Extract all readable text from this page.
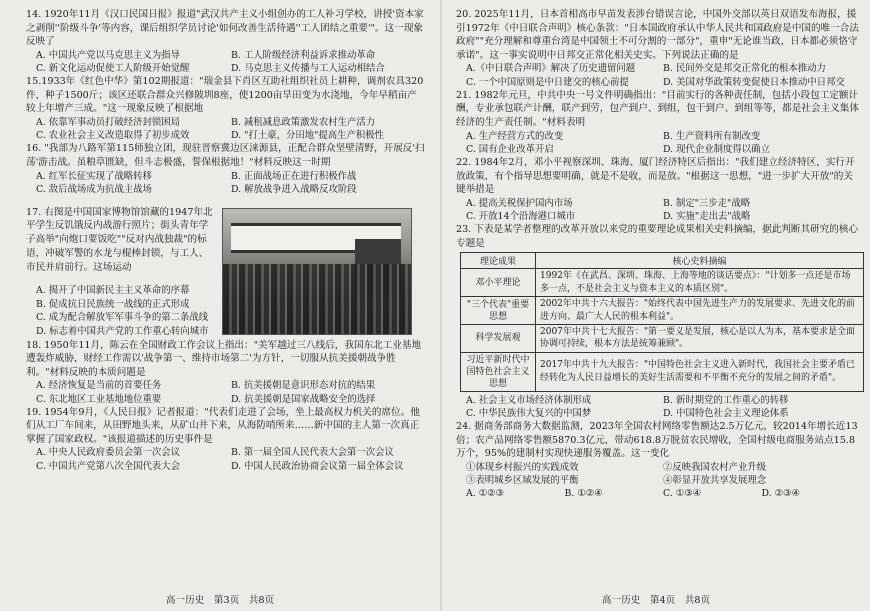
14. 1920年11月《汉口民国日报》报道"武汉共产主义小组创办的工人补习学校，讲授'资本家之剥削''阶级斗争'等内容，课后组织学员讨论'如何改善生活待遇''工人团结之重要'"。这一现象反映了

A. 中国共产党以马克思主义为指导	B. 工人阶级经济利益诉求推动革命
C. 新文化运动促使工人阶级开始觉醒	D. 马克思主义传播与工人运动相结合

15.1933年《红色中华》第102期报道："瑞金县下肖区互助社组织社员上耕种，调剂农具320件，种子1500斤；该区还联合群众兴修陂圳8座，使1200亩旱田变为水浇地，今年早稻亩产较上年增产三成。"这一现象反映了根据地

A. 依靠军事动员打破经济封锁困局	B. 减租减息政策激发农村生产活力
C. 农业社会主义改造取得了初步成效	D. "打土豪，分田地"提高生产积极性

16. "我部为八路军第115师独立团，现驻晋察冀边区涞源县，正配合群众坚壁清野，开展反'扫荡'游击战。虽粮草匮缺，但斗志极盛，誓保根据地！"材料反映这一时期

A. 红军长征实现了战略转移	B. 正面战场正在进行积极作战
C. 敌后战场成为抗战主战场	D. 解放战争进入战略反攻阶段

17. 右图是中国国家博物馆馆藏的1947年北平学生反饥饿反内战游行照片；街头青年学子高举"向炮口要饭吃""反对内战独裁"的标语，冲破军警的水龙与棍棒封锁，与工人、市民并肩前行。这场运动

A. 揭开了中国新民主主义革命的序幕
B. 促成抗日民族统一战线的正式形成
C. 成为配合解放军军事斗争的第二条战线
D. 标志着中国共产党的工作重心转向城市

18. 1950年11月，陈云在全国财政工作会议上指出："美军越过三八线后，我国东北工业基地遭轰炸威胁，财经工作需以'战争第一、维持市场第二'为方针，一切服从抗美援朝战争胜利。"材料反映的本质问题是

A. 经济恢复是当前的首要任务	B. 抗美援朝是意识形态对抗的结果
C. 东北地区工业基地地位重要	D. 抗美援朝是国家战略安全的选择

19. 1954年9月，《人民日报》记者报道："代表们走进了会场，坐上最高权力机关的席位。他们从工厂车间来，从田野地头来，从矿山井下来，从海防哨所来……新中国的主人第一次真正掌握了国家政权。"该报道描述的历史事件是

A. 中央人民政府委员会第一次会议	B. 第一届全国人民代表大会第一次会议
C. 中国共产党第八次全国代表大会	D. 中国人民政治协商会议第一届全体会议
高一历史　第3页　共8页

20. 2025年11月，日本首相高市早苗发表涉台错误言论，中国外交部以英日双语发布海报，援引1972年《中日联合声明》核心条款："日本国政府承认中华人民共和国政府是中国的唯一合法政府""充分理解和尊重台湾是中国领土不可分割的一部分"，重申"无论谁当政，日本都必须恪守承诺"。这一事实说明中日邦交正常化相关史实。下列说法正确的是

A.《中日联合声明》解决了历史遗留问题	B. 民间外交是邦交正常化的根本推动力
C. 一个中国原则是中日建交的核心前提	D. 美国对华政策转变促使日本推动中日邦交

21. 1982年元旦，中共中央一号文件明确指出："目前实行的各种责任制，包括小段包工定额计酬，专业承包联产计酬，联产到劳，包产到户、到组，包干到户、到组等等，都是社会主义集体经济的生产责任制。"材料表明

A. 生产经营方式的改变	B. 生产资料所有制改变
C. 国有企业改革开启	D. 现代企业制度得以确立

22. 1984年2月，邓小平视察深圳、珠海、厦门经济特区后指出："我们建立经济特区，实行开放政策，有个指导思想要明确，就是不是收，而是放。"根据这一思想，"进一步扩大开放"的关键举措是

A. 提高关税保护国内市场	B. 制定"三步走"战略
C. 开放14个沿海港口城市	D. 实施"走出去"战略

23. 下表是某学者整理的改革开放以来党的重要理论成果相关史料摘编，据此判断其研究的核心专题是

理论成果	核心史料摘编
邓小平理论	1992年《在武昌、深圳、珠海、上海等地的谈话要点》："计划多一点还是市场多一点，不是社会主义与资本主义的本质区别"。
"三个代表"重要思想	2002年中共十六大报告："始终代表中国先进生产力的发展要求、先进文化的前进方向、最广大人民的根本利益"。
科学发展观	2007年中共十七大报告："第一要义是发展，核心是以人为本，基本要求是全面协调可持续，根本方法是统筹兼顾"。
习近平新时代中国特色社会主义思想	2017年中共十九大报告："中国特色社会主义进入新时代，我国社会主要矛盾已经转化为人民日益增长的美好生活需要和不平衡不充分的发展之间的矛盾"。
A. 社会主义市场经济体制形成	B. 新时期党的工作重心的转移
C. 中华民族伟大复兴的中国梦	D. 中国特色社会主义理论体系

24. 据商务部商务大数据监测，2023年全国农村网络零售额达2.5万亿元，较2014年增长近13倍；农产品网络零售额5870.3亿元，带动618.8万脱贫农民增收，全国村级电商服务站点15.8万个，95%的建制村实现快递服务覆盖。这一变化

①体现乡村振兴的实践成效	②反映我国农村产业升级
③表明城乡区域发展的平衡	④彰显开放共享发展理念
A. ①②③	B. ①②④	C. ①③④	D. ②③④
高一历史　第4页　共8页
